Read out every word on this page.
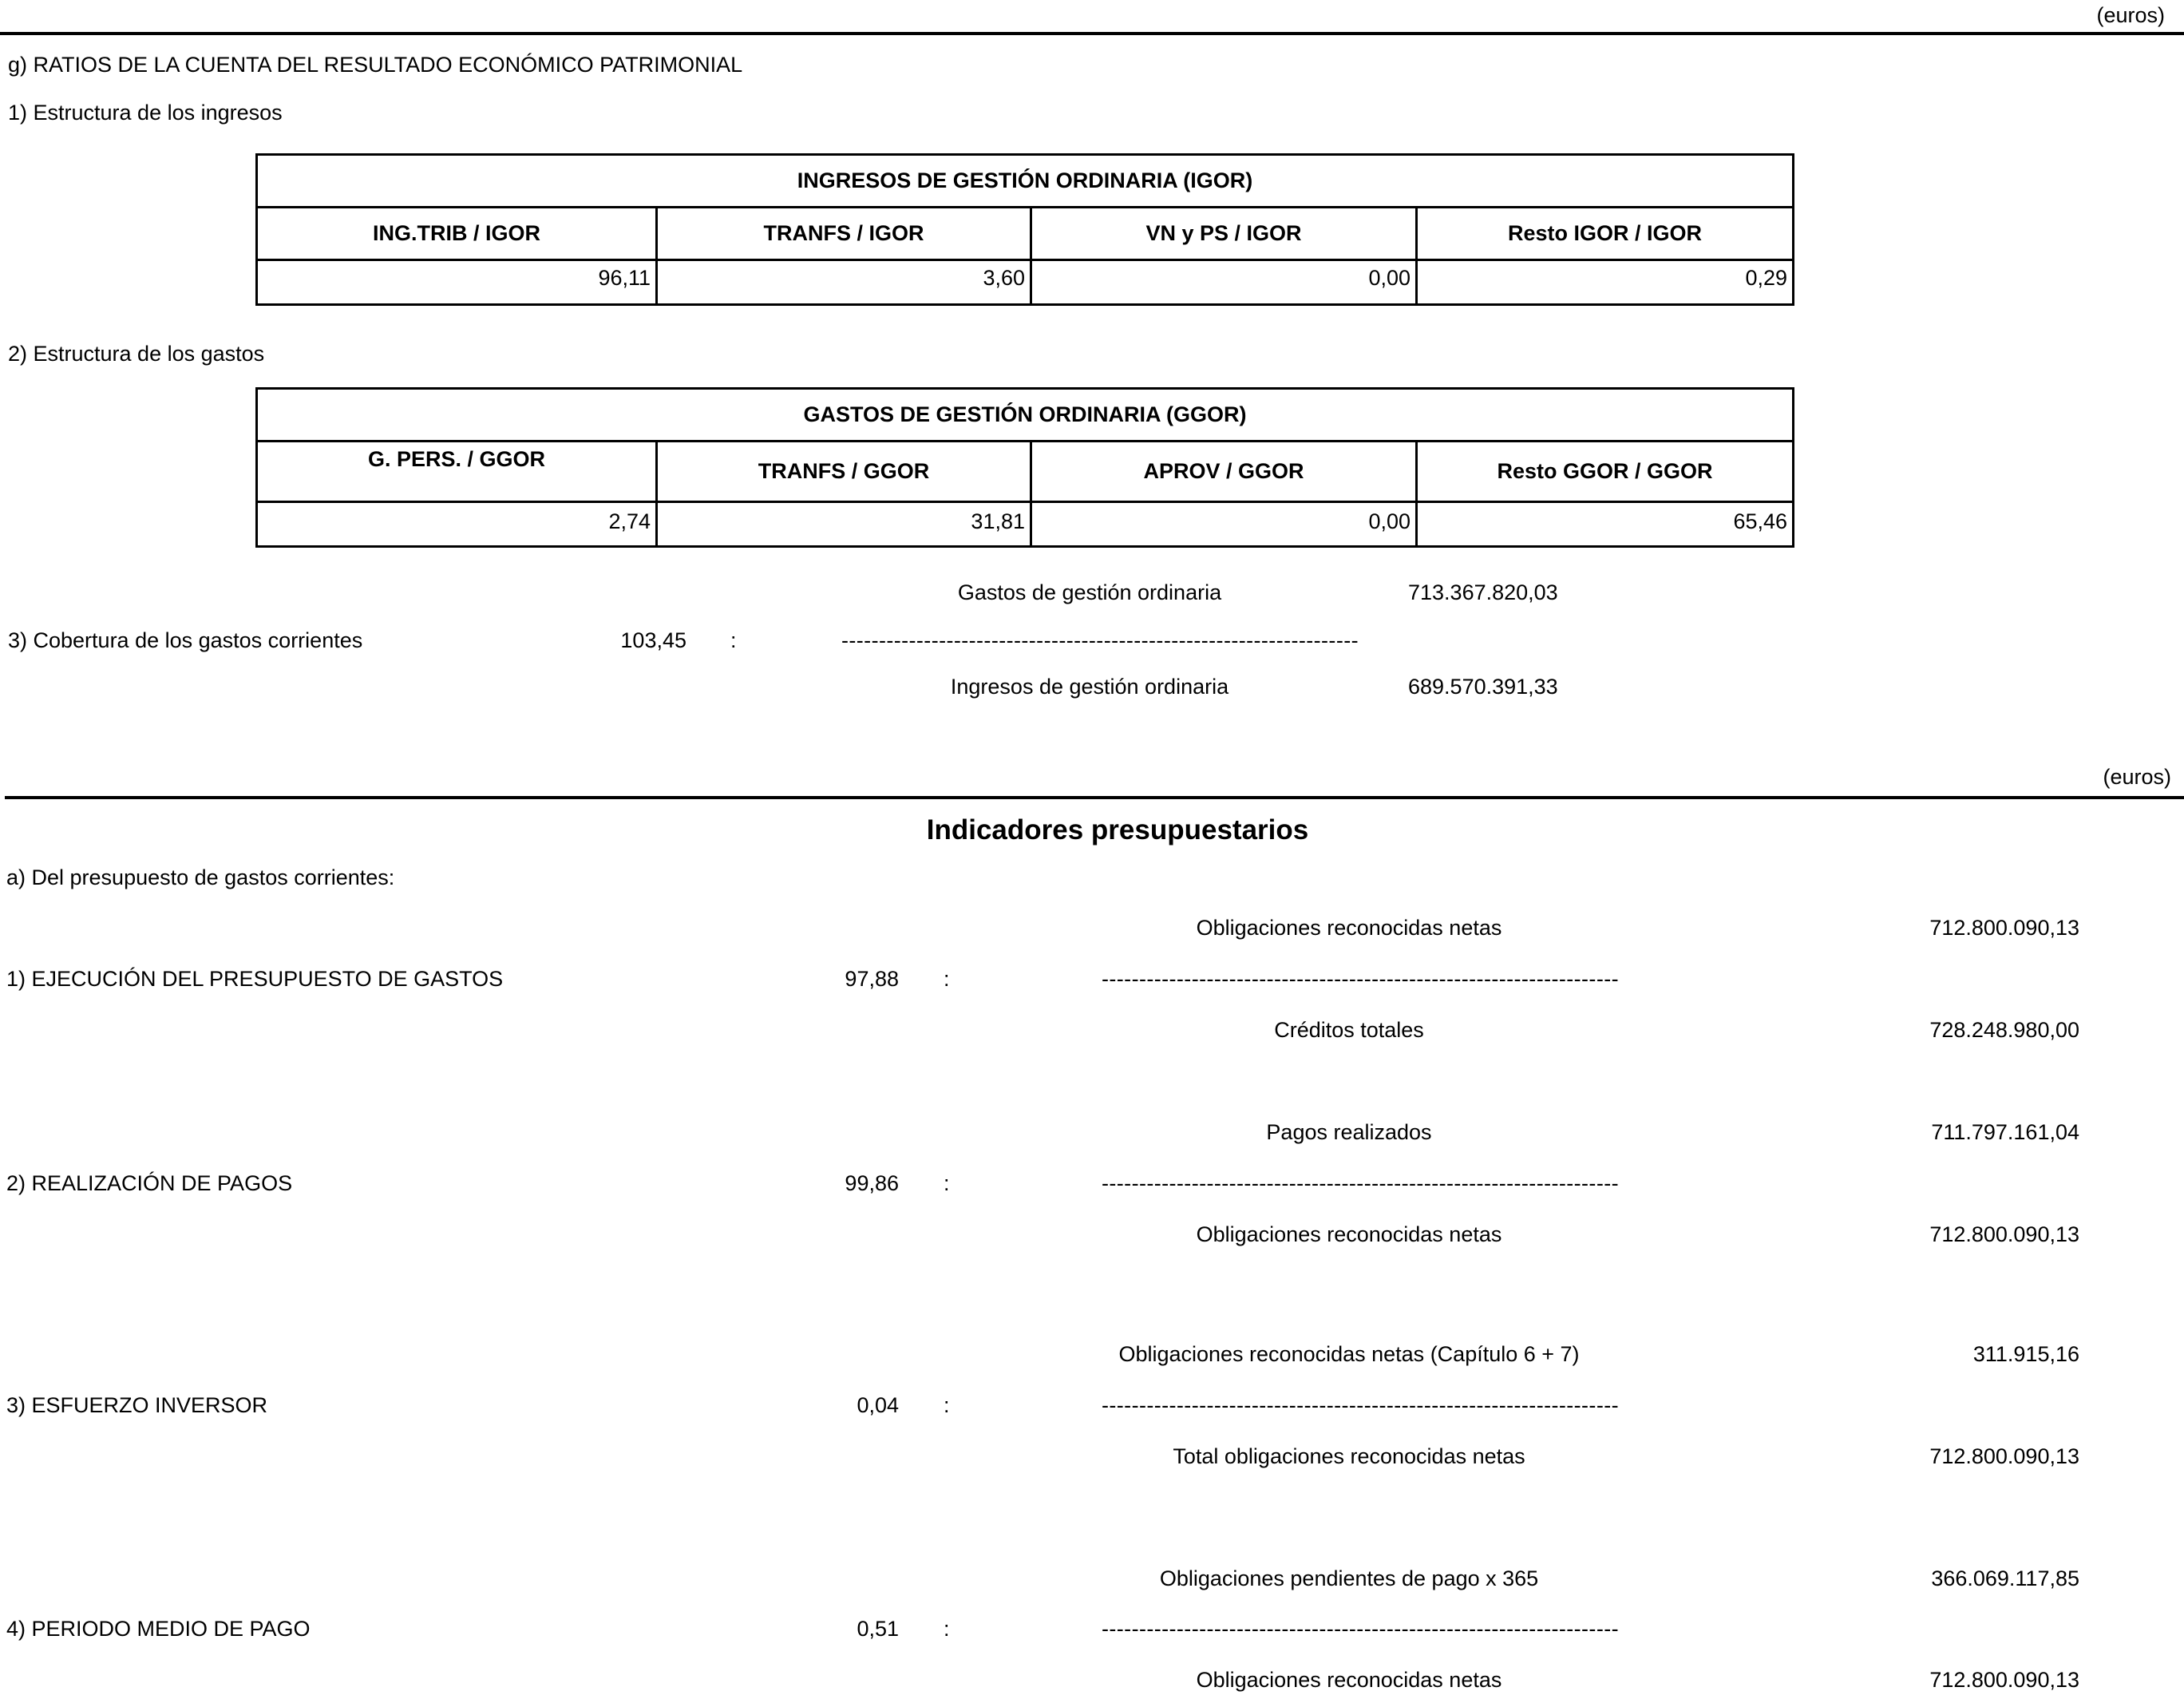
(euros)
g) RATIOS DE LA CUENTA DEL RESULTADO ECONÓMICO PATRIMONIAL
1) Estructura de los ingresos
INGRESOS DE GESTIÓN ORDINARIA (IGOR)			
ING.TRIB / IGOR	TRANFS / IGOR	VN y PS / IGOR	Resto IGOR / IGOR
96,11	3,60	0,00	0,29
2) Estructura de los gastos
GASTOS DE GESTIÓN ORDINARIA (GGOR)			
G. PERS. / GGOR	TRANFS / GGOR	APROV / GGOR	Resto GGOR / GGOR
2,74	31,81	0,00	65,46
Gastos de gestión ordinaria	713.367.820,03
3) Cobertura de los gastos corrientes	103,45 :	---------------------------------------------------------------------
Ingresos de gestión ordinaria	689.570.391,33
(euros)
Indicadores presupuestarios
a) Del presupuesto de gastos corrientes:
Obligaciones reconocidas netas	712.800.090,13
1) EJECUCIÓN DEL PRESUPUESTO DE GASTOS	97,88 :	---------------------------------------------------------------------
Créditos totales	728.248.980,00
Pagos realizados	711.797.161,04
2) REALIZACIÓN DE PAGOS	99,86 :	---------------------------------------------------------------------
Obligaciones reconocidas netas	712.800.090,13
Obligaciones reconocidas netas (Capítulo 6 + 7)	311.915,16
3) ESFUERZO INVERSOR	0,04 :	---------------------------------------------------------------------
Total obligaciones reconocidas netas	712.800.090,13
Obligaciones pendientes de pago x 365	366.069.117,85
4) PERIODO MEDIO DE PAGO	0,51 :	---------------------------------------------------------------------
Obligaciones reconocidas netas	712.800.090,13
